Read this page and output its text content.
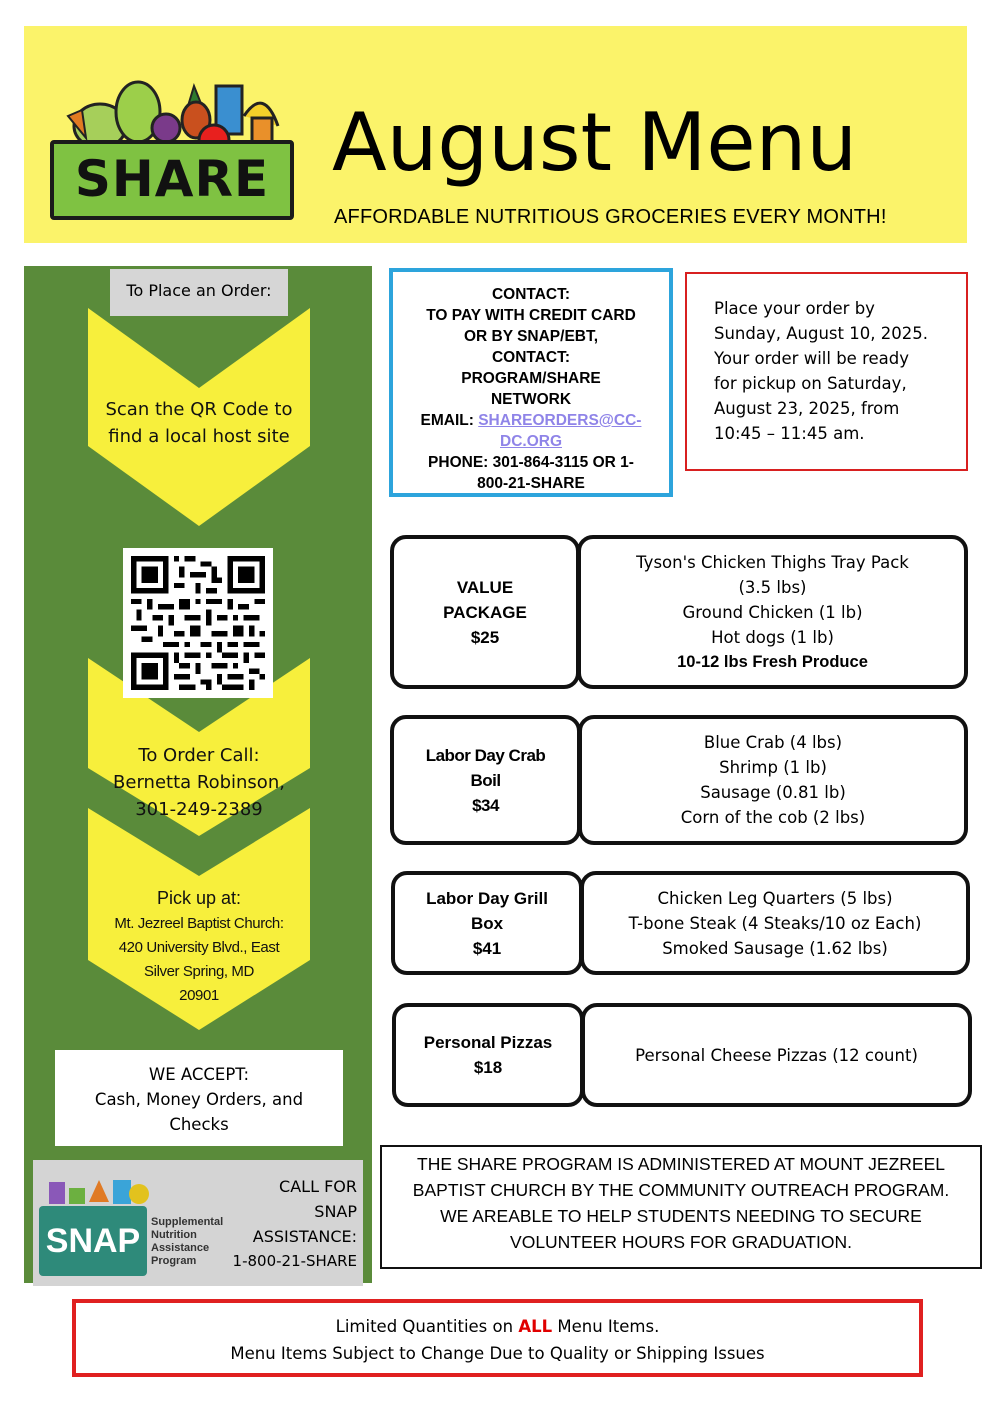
SHARE August Menu
AFFORDABLE NUTRITIOUS GROCERIES EVERY MONTH!
To Place an Order:
Scan the QR Code to
find a local host site
To Order Call:
Bernetta Robinson,
301-249-2389
Pick up at:
Mt. Jezreel Baptist Church:
420 University Blvd., East
Silver Spring, MD
20901
WE ACCEPT:
Cash, Money Orders, and
Checks
SNAP Supplemental
Nutrition
Assistance
Program
CALL FOR
SNAP
ASSISTANCE:
1-800-21-SHARE
CONTACT:
TO PAY WITH CREDIT CARD
OR BY SNAP/EBT,
CONTACT:
PROGRAM/SHARE
NETWORK
EMAIL: SHAREORDERS@CC-
DC.ORG
PHONE: 301-864-3115 OR 1-
800-21-SHARE
Place your order by
Sunday, August 10, 2025.
Your order will be ready
for pickup on Saturday,
August 23, 2025, from
10:45 – 11:45 am.
VALUE
PACKAGE
$25
Tyson's Chicken Thighs Tray Pack
(3.5 lbs)
Ground Chicken (1 lb)
Hot dogs (1 lb)
10-12 lbs Fresh Produce
Labor Day Crab
Boil
$34
Blue Crab (4 lbs)
Shrimp (1 lb)
Sausage (0.81 lb)
Corn of the cob (2 lbs)
Labor Day Grill
Box
$41
Chicken Leg Quarters (5 lbs)
T-bone Steak (4 Steaks/10 oz Each)
Smoked Sausage (1.62 lbs)
Personal Pizzas
$18
Personal Cheese Pizzas (12 count)
THE SHARE PROGRAM IS ADMINISTERED AT MOUNT JEZREEL
BAPTIST CHURCH BY THE COMMUNITY OUTREACH PROGRAM.
WE AREABLE TO HELP STUDENTS NEEDING TO SECURE
VOLUNTEER HOURS FOR GRADUATION.
Limited Quantities on ALL Menu Items.
Menu Items Subject to Change Due to Quality or Shipping Issues
